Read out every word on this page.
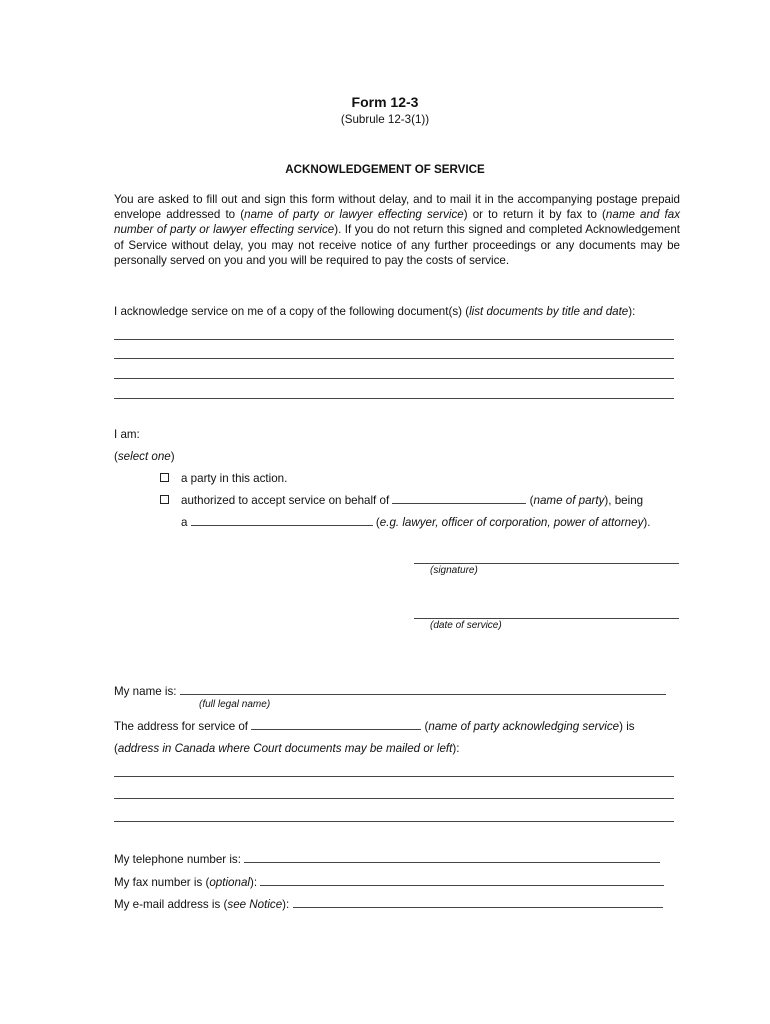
Form 12-3
(Subrule 12-3(1))
ACKNOWLEDGEMENT OF SERVICE
You are asked to fill out and sign this form without delay, and to mail it in the accompanying postage prepaid envelope addressed to (name of party or lawyer effecting service) or to return it by fax to (name and fax number of party or lawyer effecting service). If you do not return this signed and completed Acknowledgement of Service without delay, you may not receive notice of any further proceedings or any documents may be personally served on you and you will be required to pay the costs of service.
I acknowledge service on me of a copy of the following document(s) (list documents by title and date):
I am:
(select one)
a party in this action.
authorized to accept service on behalf of	(name of party), being
a	(e.g. lawyer, officer of corporation, power of attorney).
(signature)
(date of service)
My name is:
(full legal name)
The address for service of	(name of party acknowledging service) is
(address in Canada where Court documents may be mailed or left):
My telephone number is:
My fax number is (optional):
My e-mail address is (see Notice):
